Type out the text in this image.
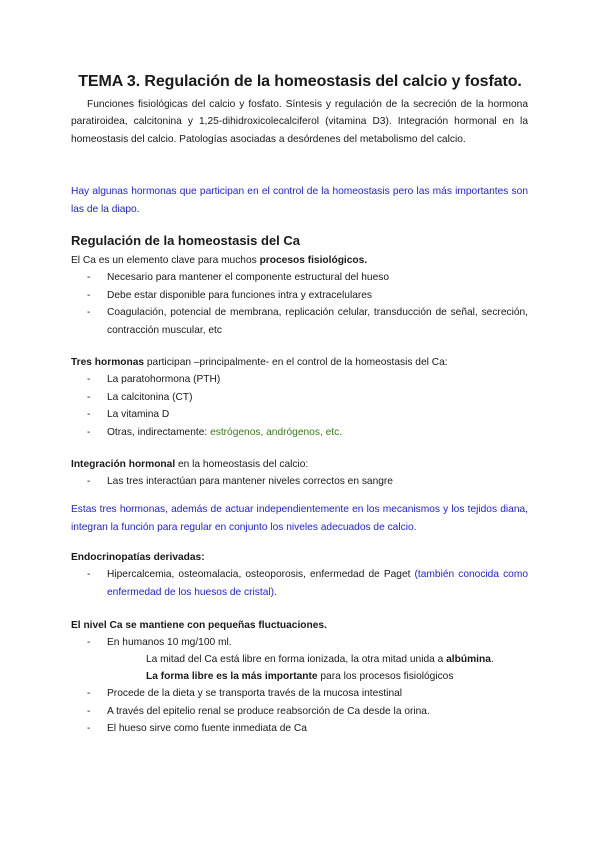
TEMA 3. Regulación de la homeostasis del calcio y fosfato.

Funciones fisiológicas del calcio y fosfato. Síntesis y regulación de la secreción de la hormona paratiroidea, calcitonina y 1,25-dihidroxicolecalciferol (vitamina D3). Integración hormonal en la homeostasis del calcio. Patologías asociadas a desórdenes del metabolismo del calcio.

Hay algunas hormonas que participan en el control de la homeostasis pero las más importantes son las de la diapo.

Regulación de la homeostasis del Ca

El Ca es un elemento clave para muchos procesos fisiológicos.

- Necesario para mantener el componente estructural del hueso
- Debe estar disponible para funciones intra y extracelulares
- Coagulación, potencial de membrana, replicación celular, transducción de señal, secreción, contracción muscular, etc

Tres hormonas participan –principalmente- en el control de la homeostasis del Ca:

- La paratohormona (PTH)
- La calcitonina (CT)
- La vitamina D
- Otras, indirectamente: estrógenos, andrógenos, etc.

Integración hormonal en la homeostasis del calcio:

- Las tres interactúan para mantener niveles correctos en sangre

Estas tres hormonas, además de actuar independientemente en los mecanismos y los tejidos diana, integran la función para regular en conjunto los niveles adecuados de calcio.

Endocrinopatías derivadas:

- Hipercalcemia, osteomalacia, osteoporosis, enfermedad de Paget (también conocida como enfermedad de los huesos de cristal).

El nivel Ca se mantiene con pequeñas fluctuaciones.

- En humanos 10 mg/100 ml.

La mitad del Ca está libre en forma ionizada, la otra mitad unida a albúmina.

La forma libre es la más importante para los procesos fisiológicos

- Procede de la dieta y se transporta través de la mucosa intestinal
- A través del epitelio renal se produce reabsorción de Ca desde la orina.
- El hueso sirve como fuente inmediata de Ca
